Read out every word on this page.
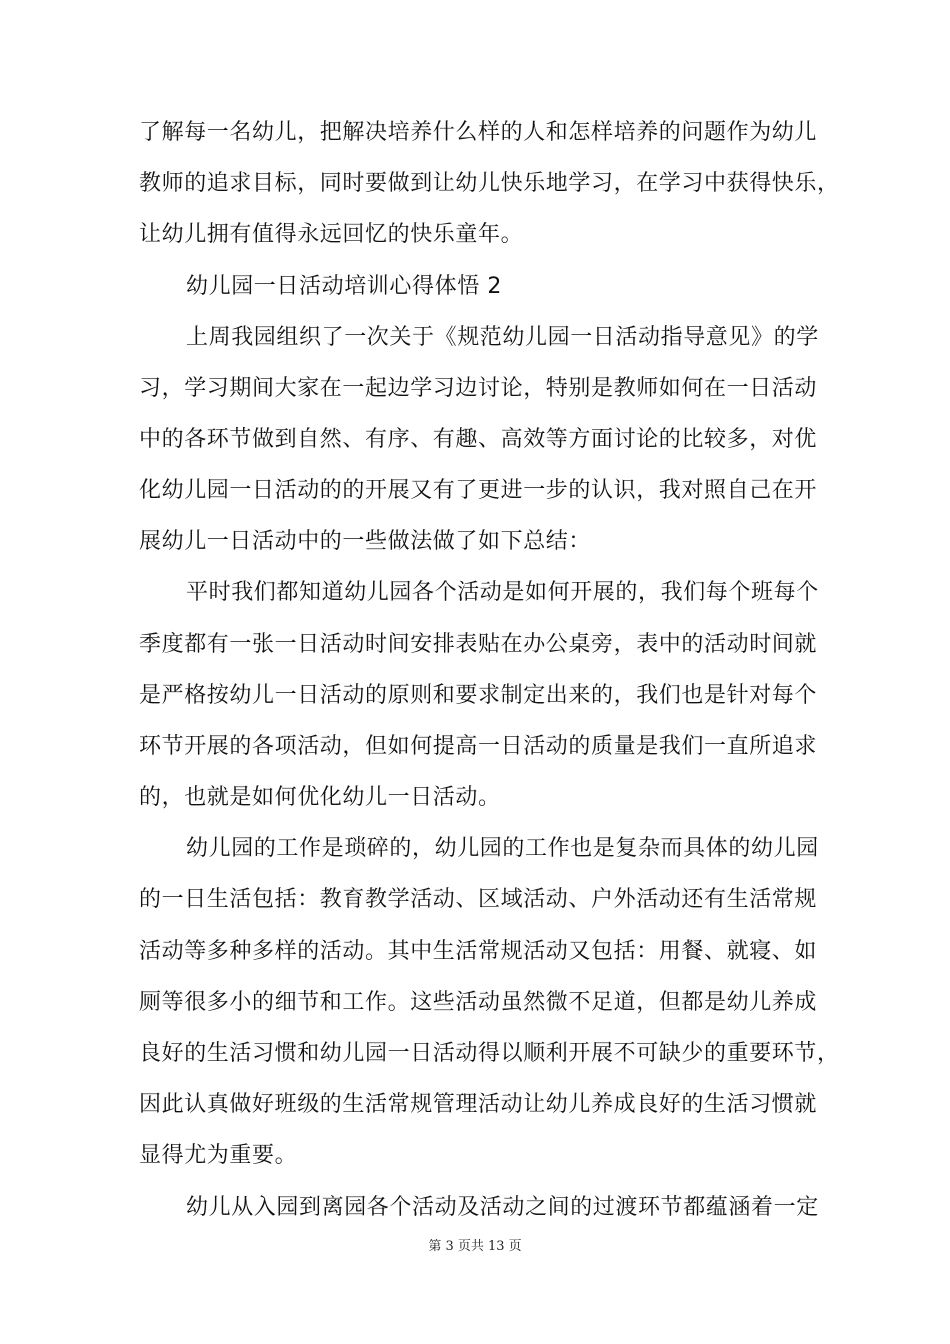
了解每一名幼儿，把解决培养什么样的人和怎样培养的问题作为幼儿
教师的追求目标，同时要做到让幼儿快乐地学习，在学习中获得快乐，
让幼儿拥有值得永远回忆的快乐童年。
幼儿园一日活动培训心得体悟 2
上周我园组织了一次关于《规范幼儿园一日活动指导意见》的学
习，学习期间大家在一起边学习边讨论，特别是教师如何在一日活动
中的各环节做到自然、有序、有趣、高效等方面讨论的比较多，对优
化幼儿园一日活动的的开展又有了更进一步的认识，我对照自己在开
展幼儿一日活动中的一些做法做了如下总结：
平时我们都知道幼儿园各个活动是如何开展的，我们每个班每个
季度都有一张一日活动时间安排表贴在办公桌旁，表中的活动时间就
是严格按幼儿一日活动的原则和要求制定出来的，我们也是针对每个
环节开展的各项活动，但如何提高一日活动的质量是我们一直所追求
的，也就是如何优化幼儿一日活动。
幼儿园的工作是琐碎的，幼儿园的工作也是复杂而具体的幼儿园
的一日生活包括：教育教学活动、区域活动、户外活动还有生活常规
活动等多种多样的活动。其中生活常规活动又包括：用餐、就寝、如
厕等很多小的细节和工作。这些活动虽然微不足道，但都是幼儿养成
良好的生活习惯和幼儿园一日活动得以顺利开展不可缺少的重要环节，
因此认真做好班级的生活常规管理活动让幼儿养成良好的生活习惯就
显得尤为重要。
幼儿从入园到离园各个活动及活动之间的过渡环节都蕴涵着一定
第 3 页共 13 页
